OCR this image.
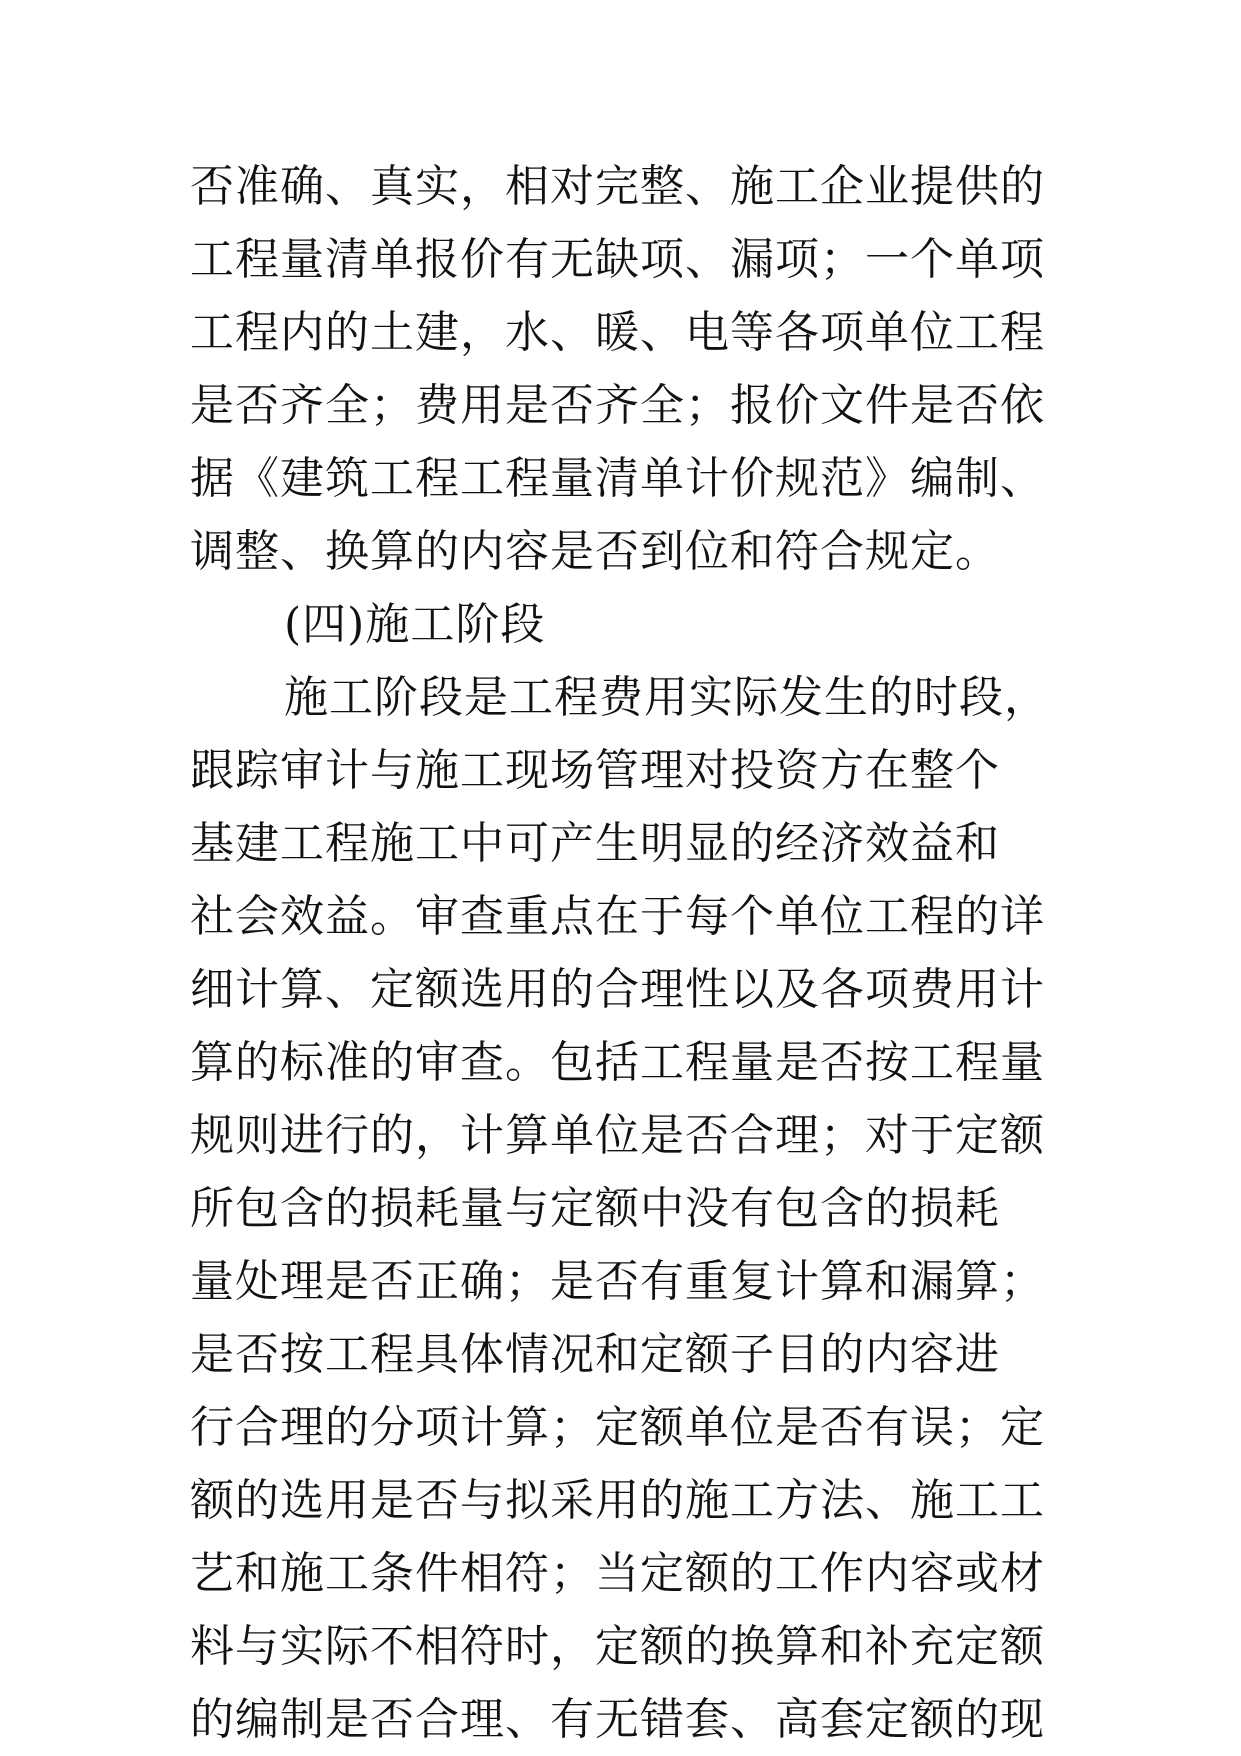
否准确、真实，相对完整、施工企业提供的
工程量清单报价有无缺项、漏项；一个单项
工程内的土建，水、暖、电等各项单位工程
是否齐全；费用是否齐全；报价文件是否依
据《建筑工程工程量清单计价规范》编制、
调整、换算的内容是否到位和符合规定。
(四)施工阶段
施工阶段是工程费用实际发生的时段，
跟踪审计与施工现场管理对投资方在整个
基建工程施工中可产生明显的经济效益和
社会效益。审查重点在于每个单位工程的详
细计算、定额选用的合理性以及各项费用计
算的标准的审查。包括工程量是否按工程量
规则进行的，计算单位是否合理；对于定额
所包含的损耗量与定额中没有包含的损耗
量处理是否正确；是否有重复计算和漏算；
是否按工程具体情况和定额子目的内容进
行合理的分项计算；定额单位是否有误；定
额的选用是否与拟采用的施工方法、施工工
艺和施工条件相符；当定额的工作内容或材
料与实际不相符时，定额的换算和补充定额
的编制是否合理、有无错套、高套定额的现
